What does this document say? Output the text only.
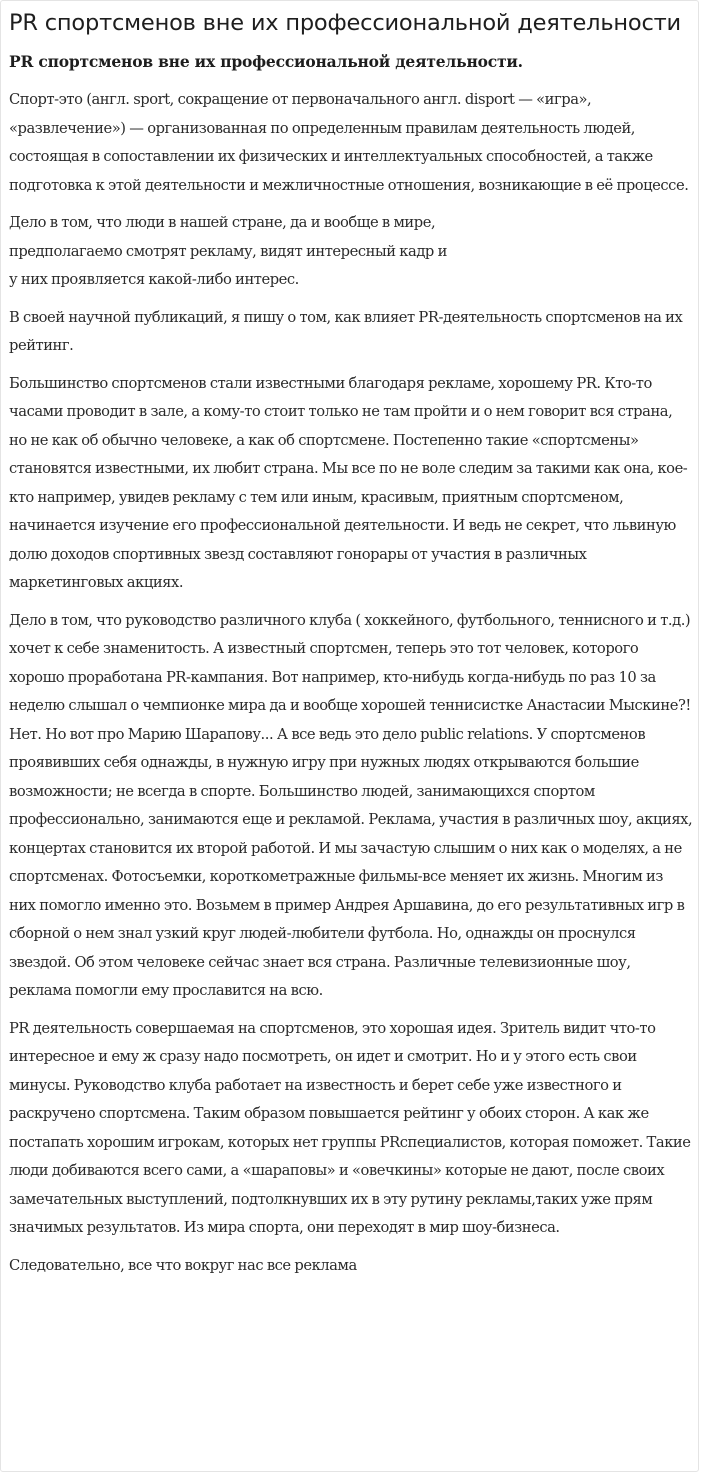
PR спортсменов вне их профессиональной деятельности
PR спортсменов вне их профессиональной деятельности.

Спорт-это (англ. sport, сокращение от первоначального англ. disport — «игра», «развлечение») — организованная по определенным правилам деятельность людей, состоящая в сопоставлении их физических и интеллектуальных способностей, а также подготовка к этой деятельности и межличностные отношения, возникающие в её процессе.

Дело в том, что люди в нашей стране, да и вообще в мире,
предполагаемо смотрят рекламу, видят интересный кадр и
у них проявляется какой-либо интерес.

В своей научной публикаций, я пишу о том, как влияет PR-деятельность спортсменов на их рейтинг.

Большинство спортсменов стали известными благодаря рекламе, хорошему PR. Кто-то часами проводит в зале, а кому-то стоит только не там пройти и о нем говорит вся страна, но не как об обычно человеке, а как об спортсмене. Постепенно такие «спортсмены» становятся известными, их любит страна. Мы все по не воле следим за такими как она, кое-кто например, увидев рекламу с тем или иным, красивым, приятным спортсменом, начинается изучение его профессиональной деятельности. И ведь не секрет, что львиную долю доходов спортивных звезд составляют гонорары от участия в различных маркетинговых акциях.

Дело в том, что руководство различного клуба ( хоккейного, футбольного, теннисного и т.д.) хочет к себе знаменитость. А известный спортсмен, теперь это тот человек, которого хорошо проработана PR-кампания. Вот например, кто-нибудь когда-нибудь по раз 10 за неделю слышал о чемпионке мира да и вообще хорошей теннисистке Анастасии Мыскине?! Нет. Но вот про Марию Шарапову... А все ведь это дело public relations. У спортсменов проявивших себя однажды, в нужную игру при нужных людях открываются большие возможности; не всегда в спорте. Большинство людей, занимающихся спортом профессионально, занимаются еще и рекламой. Реклама, участия в различных шоу, акциях, концертах становится их второй работой. И мы зачастую слышим о них как о моделях, а не спортсменах. Фотосъемки, короткометражные фильмы-все меняет их жизнь. Многим из них помогло именно это. Возьмем в пример Андрея Аршавина, до его результативных игр в сборной о нем знал узкий круг людей-любители футбола. Но, однажды он проснулся звездой. Об этом человеке сейчас знает вся страна. Различные телевизионные шоу, реклама помогли ему прославится на всю.

PR деятельность совершаемая на спортсменов, это хорошая идея. Зритель видит что-то интересное и ему ж сразу надо посмотреть, он идет и смотрит. Но и у этого есть свои минусы. Руководство клуба работает на известность и берет себе уже известного и раскручено спортсмена. Таким образом повышается рейтинг у обоих сторон. А как же постапать хорошим игрокам, которых нет группы PRспециалистов, которая поможет. Такие люди добиваются всего сами, а «шараповы» и «овечкины» которые не дают, после своих замечательных выступлений, подтолкнувших их в эту рутину рекламы,таких уже прям значимых результатов. Из мира спорта, они переходят в мир шоу-бизнеса.

Следовательно, все что вокруг нас все реклама
